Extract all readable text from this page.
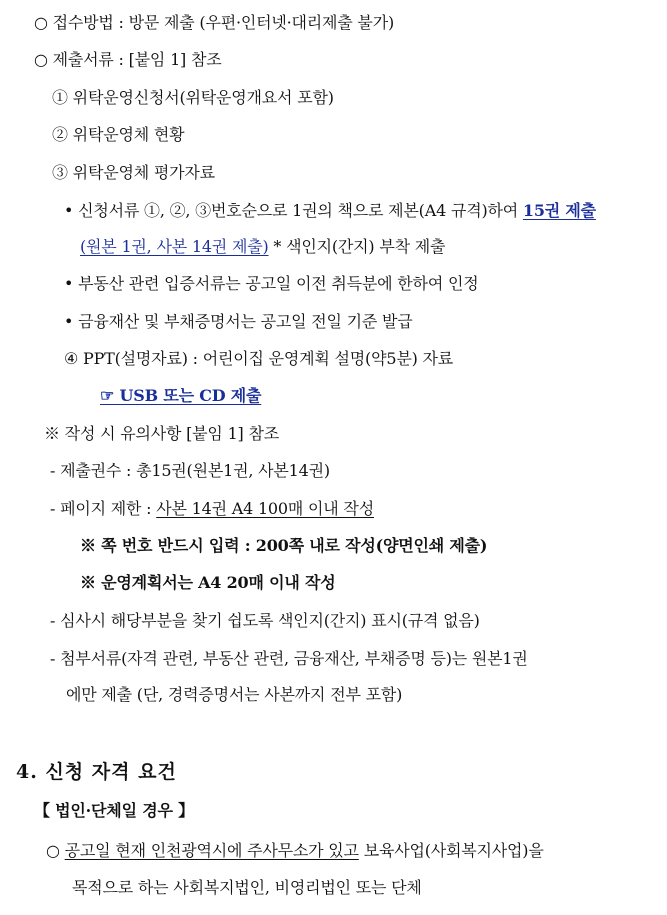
○ 접수방법 : 방문 제출 (우편·인터넷·대리제출 불가)
○ 제출서류 : [붙임 1] 참조
① 위탁운영신청서(위탁운영개요서 포함)
② 위탁운영체 현황
③ 위탁운영체 평가자료
• 신청서류 ①, ②, ③번호순으로 1권의 책으로 제본(A4 규격)하여 15권 제출
(원본 1권, 사본 14권 제출) * 색인지(간지) 부착 제출
• 부동산 관련 입증서류는 공고일 이전 취득분에 한하여 인정
• 금융재산 및 부채증명서는 공고일 전일 기준 발급
④ PPT(설명자료) : 어린이집 운영계획 설명(약5분) 자료
☞ USB 또는 CD 제출
※ 작성 시 유의사항 [붙임 1] 참조
- 제출권수 : 총15권(원본1권, 사본14권)
- 페이지 제한 : 사본 14권 A4 100매 이내 작성
※ 쪽 번호 반드시 입력 : 200쪽 내로 작성(양면인쇄 제출)
※ 운영계획서는 A4 20매 이내 작성
- 심사시 해당부분을 찾기 쉽도록 색인지(간지) 표시(규격 없음)
- 첨부서류(자격 관련, 부동산 관련, 금융재산, 부채증명 등)는 원본1권
에만 제출 (단, 경력증명서는 사본까지 전부 포함)
4. 신청 자격 요건
【 법인·단체일 경우 】
○ 공고일 현재 인천광역시에 주사무소가 있고 보육사업(사회복지사업)을
목적으로 하는 사회복지법인, 비영리법인 또는 단체
